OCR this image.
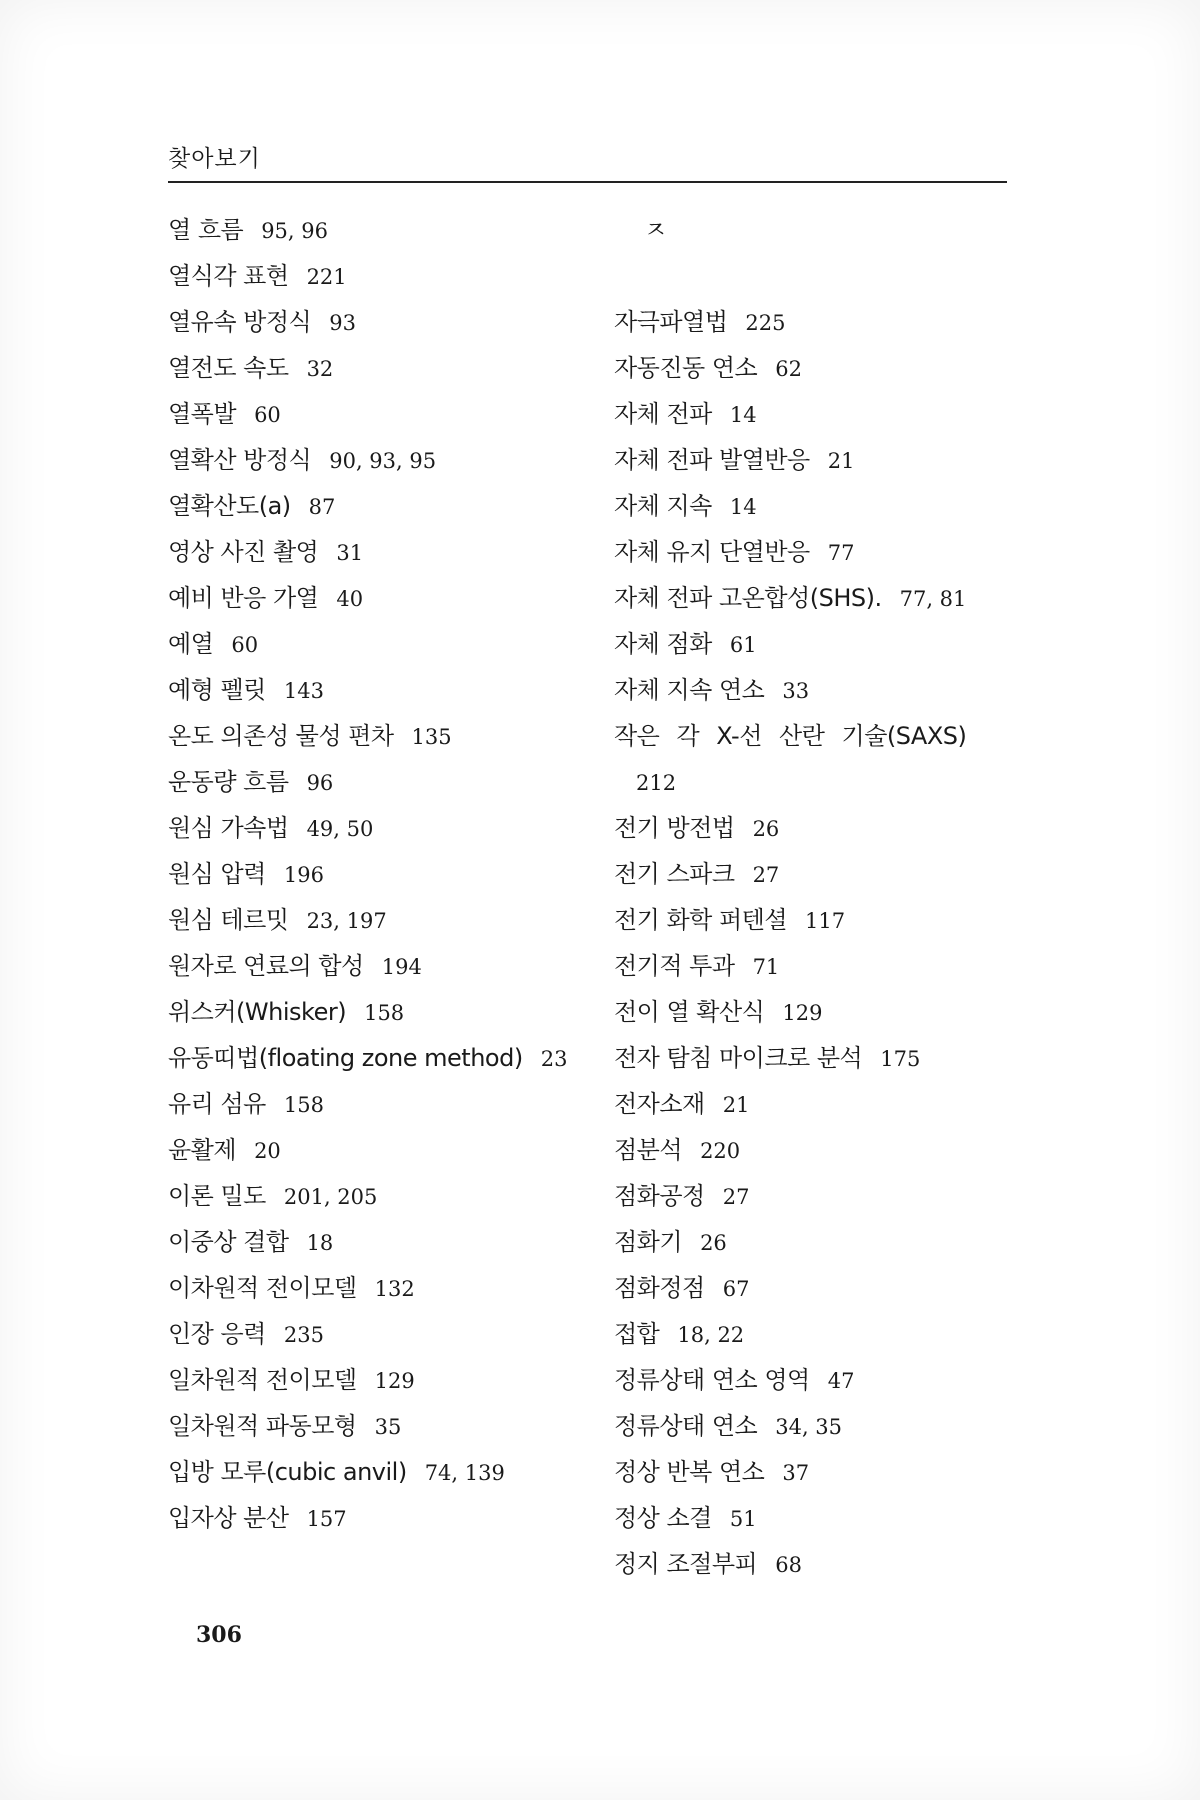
찾아보기
열 흐름 95, 96
열식각 표현 221
열유속 방정식 93
열전도 속도 32
열폭발 60
열확산 방정식 90, 93, 95
열확산도(a) 87
영상 사진 촬영 31
예비 반응 가열 40
예열 60
예형 펠릿 143
온도 의존성 물성 편차 135
운동량 흐름 96
원심 가속법 49, 50
원심 압력 196
원심 테르밋 23, 197
원자로 연료의 합성 194
위스커(Whisker) 158
유동띠법(floating zone method) 23
유리 섬유 158
윤활제 20
이론 밀도 201, 205
이중상 결합 18
이차원적 전이모델 132
인장 응력 235
일차원적 전이모델 129
일차원적 파동모형 35
입방 모루(cubic anvil) 74, 139
입자상 분산 157
ㅈ
자극파열법 225
자동진동 연소 62
자체 전파 14
자체 전파 발열반응 21
자체 지속 14
자체 유지 단열반응 77
자체 전파 고온합성(SHS). 77, 81
자체 점화 61
자체 지속 연소 33
작은 각 X-선 산란 기술(SAXS)
212
전기 방전법 26
전기 스파크 27
전기 화학 퍼텐셜 117
전기적 투과 71
전이 열 확산식 129
전자 탐침 마이크로 분석 175
전자소재 21
점분석 220
점화공정 27
점화기 26
점화정점 67
접합 18, 22
정류상태 연소 영역 47
정류상태 연소 34, 35
정상 반복 연소 37
정상 소결 51
정지 조절부피 68
306
